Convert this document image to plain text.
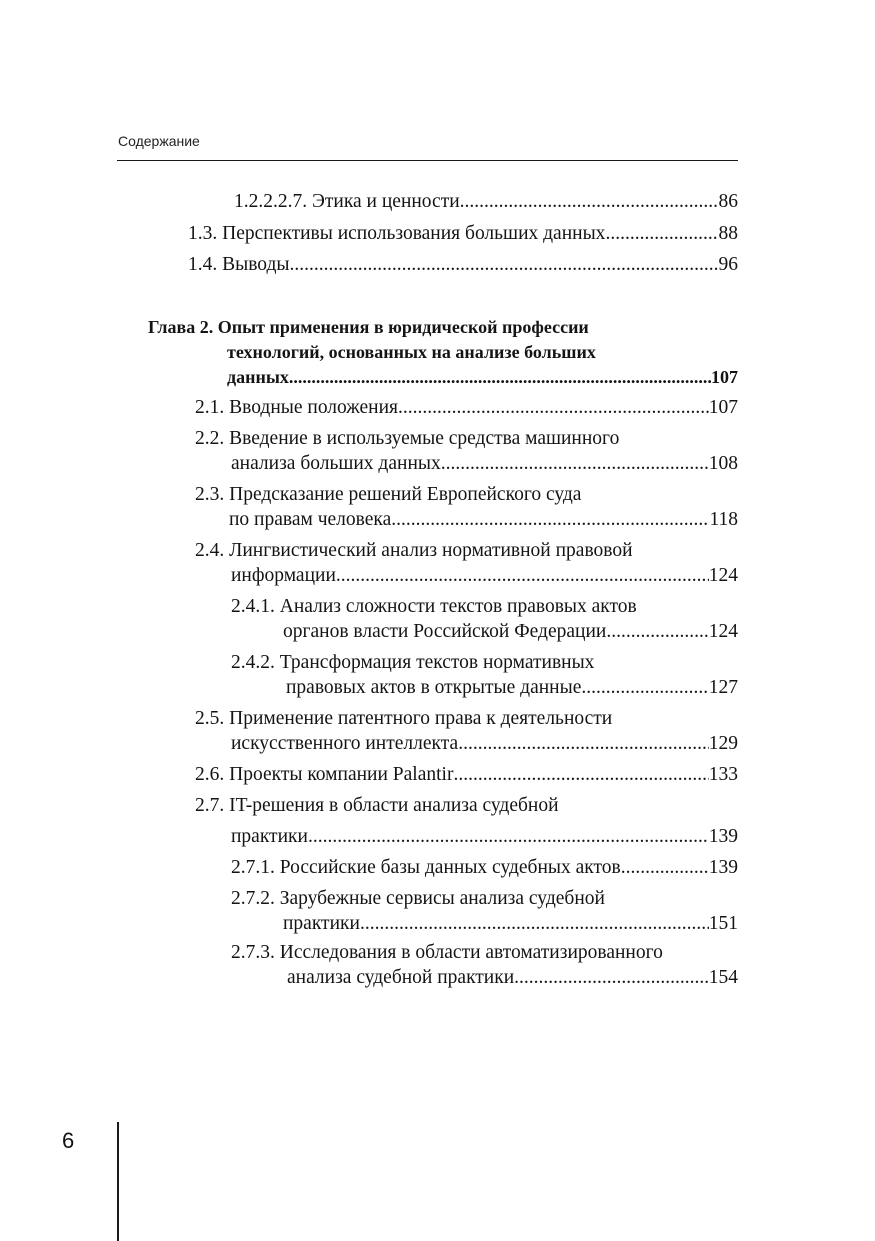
Содержание
1.2.2.2.7. Этика и ценности .....	86
1.3. Перспективы использования больших данных .....	88
1.4. Выводы .....	96
Глава 2. Опыт применения в юридической профессии
технологий, основанных на анализе больших
данных .....	107
2.1. Вводные положения .....	107
2.2. Введение в используемые средства машинного
анализа больших данных .....	108
2.3. Предсказание решений Европейского суда
по правам человека .....	118
2.4. Лингвистический анализ нормативной правовой
информации .....	124
2.4.1. Анализ сложности текстов правовых актов
органов власти Российской Федерации .....	124
2.4.2. Трансформация текстов нормативных
правовых актов в открытые данные .....	127
2.5. Применение патентного права к деятельности
искусственного интеллекта .....	129
2.6. Проекты компании Palantir .....	133
2.7. IT-решения в области анализа судебной
практики .....	139
2.7.1. Российские базы данных судебных актов .....	139
2.7.2. Зарубежные сервисы анализа судебной
практики .....	151
2.7.3. Исследования в области автоматизированного
анализа судебной практики .....	154
6
